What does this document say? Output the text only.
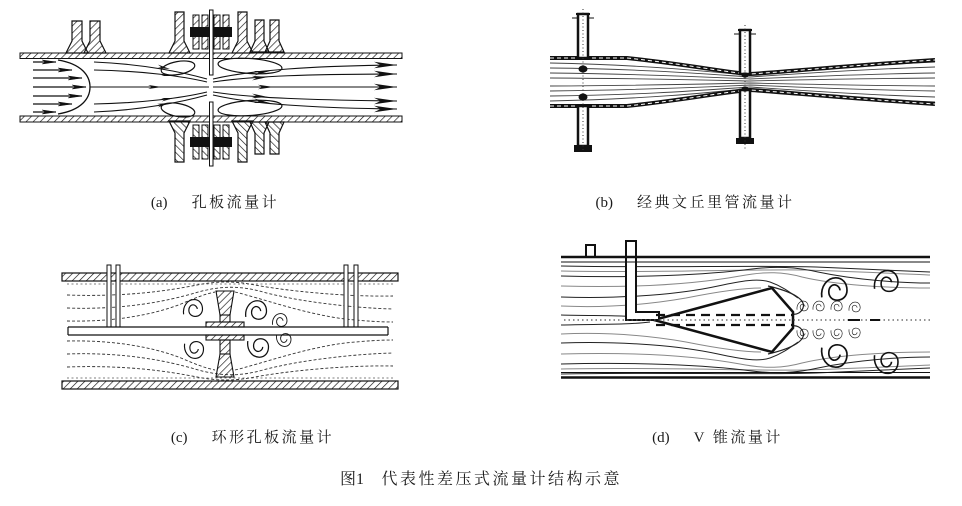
(a) 孔板流量计	(b) 经典文丘里管流量计
(c) 环形孔板流量计	(d) V 锥流量计
图1 代表性差压式流量计结构示意
